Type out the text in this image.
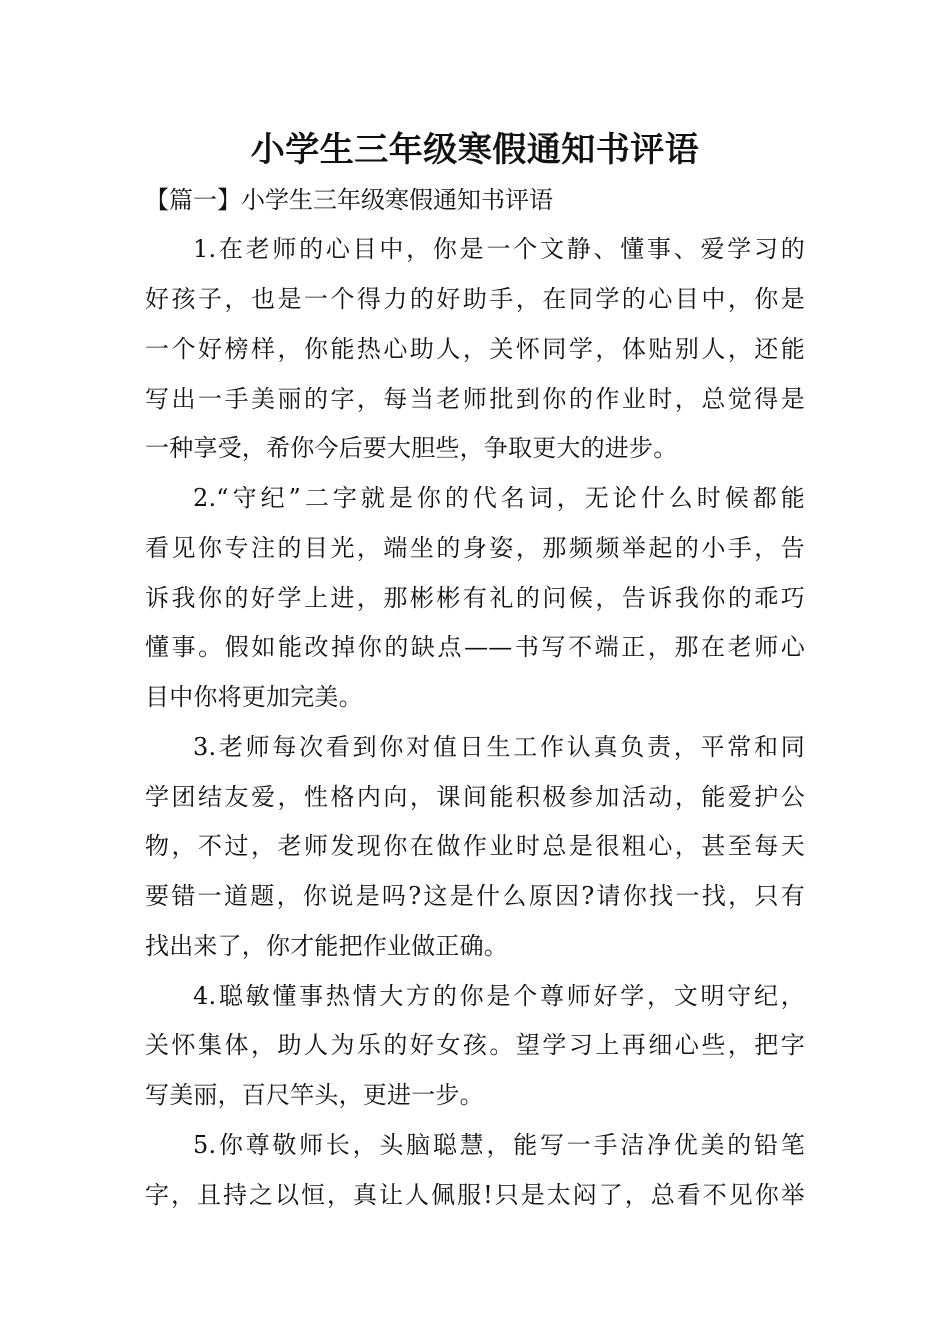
小学生三年级寒假通知书评语
【篇一】小学生三年级寒假通知书评语
1.在老师的心目中，你是一个文静、懂事、爱学习的
好孩子，也是一个得力的好助手，在同学的心目中，你是
一个好榜样，你能热心助人，关怀同学，体贴别人，还能
写出一手美丽的字，每当老师批到你的作业时，总觉得是
一种享受，希你今后要大胆些，争取更大的进步。
2.“守纪”二字就是你的代名词，无论什么时候都能
看见你专注的目光，端坐的身姿，那频频举起的小手，告
诉我你的好学上进，那彬彬有礼的问候，告诉我你的乖巧
懂事。假如能改掉你的缺点——书写不端正，那在老师心
目中你将更加完美。
3.老师每次看到你对值日生工作认真负责，平常和同
学团结友爱，性格内向，课间能积极参加活动，能爱护公
物，不过，老师发现你在做作业时总是很粗心，甚至每天
要错一道题，你说是吗?这是什么原因?请你找一找，只有
找出来了，你才能把作业做正确。
4.聪敏懂事热情大方的你是个尊师好学，文明守纪，
关怀集体，助人为乐的好女孩。望学习上再细心些，把字
写美丽，百尺竿头，更进一步。
5.你尊敬师长，头脑聪慧，能写一手洁净优美的铅笔
字，且持之以恒，真让人佩服!只是太闷了，总看不见你举
